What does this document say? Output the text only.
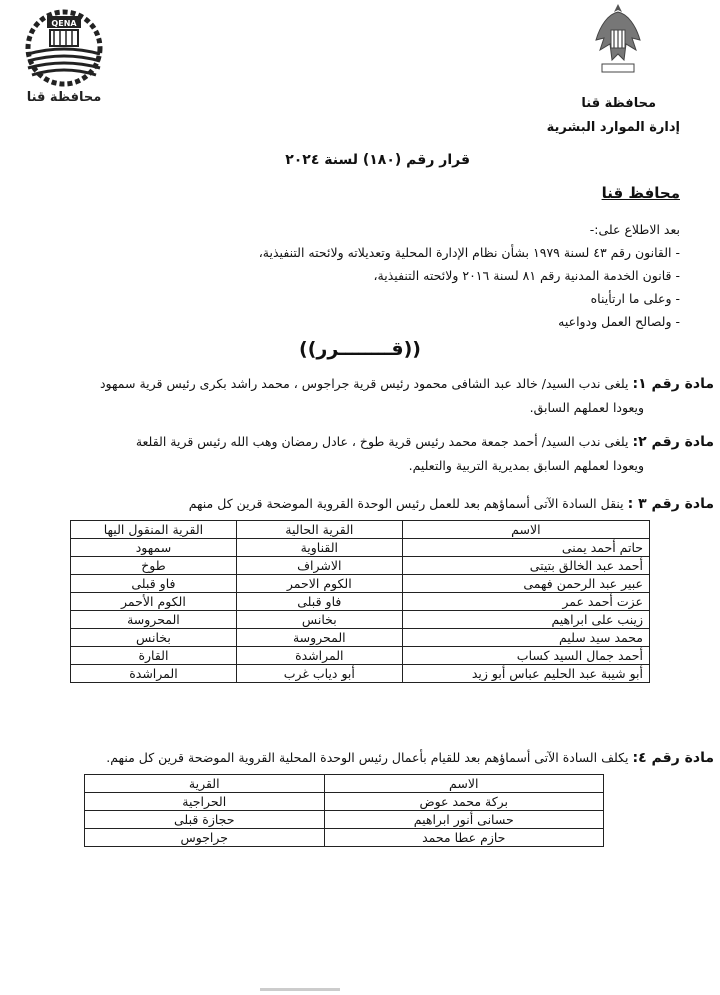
QENA
محافظة قنا	محافظة قنا
إدارة الموارد البشرية
قرار رقم (١٨٠) لسنة ٢٠٢٤
محافظ قنا
بعد الاطلاع على:-
- القانون رقم ٤٣ لسنة ١٩٧٩ بشأن نظام الإدارة المحلية وتعديلاته ولائحته التنفيذية،
- قانون الخدمة المدنية رقم ٨١ لسنة ٢٠١٦ ولائحته التنفيذية،
- وعلى ما ارتأيناه
- ولصالح العمل ودواعيه
((قــــــــرر))
مادة رقم ١: يلغى ندب السيد/ خالد عبد الشافى محمود رئيس قرية جراجوس ، محمد راشد بكرى رئيس قرية سمهود
ويعودا لعملهم السابق.
مادة رقم ٢: يلغى ندب السيد/ أحمد جمعة محمد رئيس قرية طوخ ، عادل رمضان وهب الله رئيس قرية القلعة
ويعودا لعملهم السابق بمديرية التربية والتعليم.
مادة رقم ٣ : ينقل السادة الآتى أسماؤهم بعد للعمل رئيس الوحدة القروية الموضحة قرين كل منهم
الاسم	القرية الحالية	القرية المنقول اليها
حاتم أحمد يمنى	القناوية	سمهود
أحمد عبد الخالق بتيتى	الاشراف	طوخ
عبير عبد الرحمن فهمى	الكوم الاحمر	فاو قبلى
عزت أحمد عمر	فاو قبلى	الكوم الأحمر
زينب على ابراهيم	بخانس	المحروسة
محمد سيد سليم	المحروسة	بخانس
أحمد جمال السيد كساب	المراشدة	القارة
أبو شيبة عبد الحليم عباس أبو زيد	أبو دياب غرب	المراشدة
مادة رقم ٤: يكلف السادة الآتى أسماؤهم بعد للقيام بأعمال رئيس الوحدة المحلية القروية الموضحة قرين كل منهم.
الاسم	القرية
بركة محمد عوض	الحراجية
حسانى أنور ابراهيم	حجازة قبلى
حازم عطا محمد	جراجوس
